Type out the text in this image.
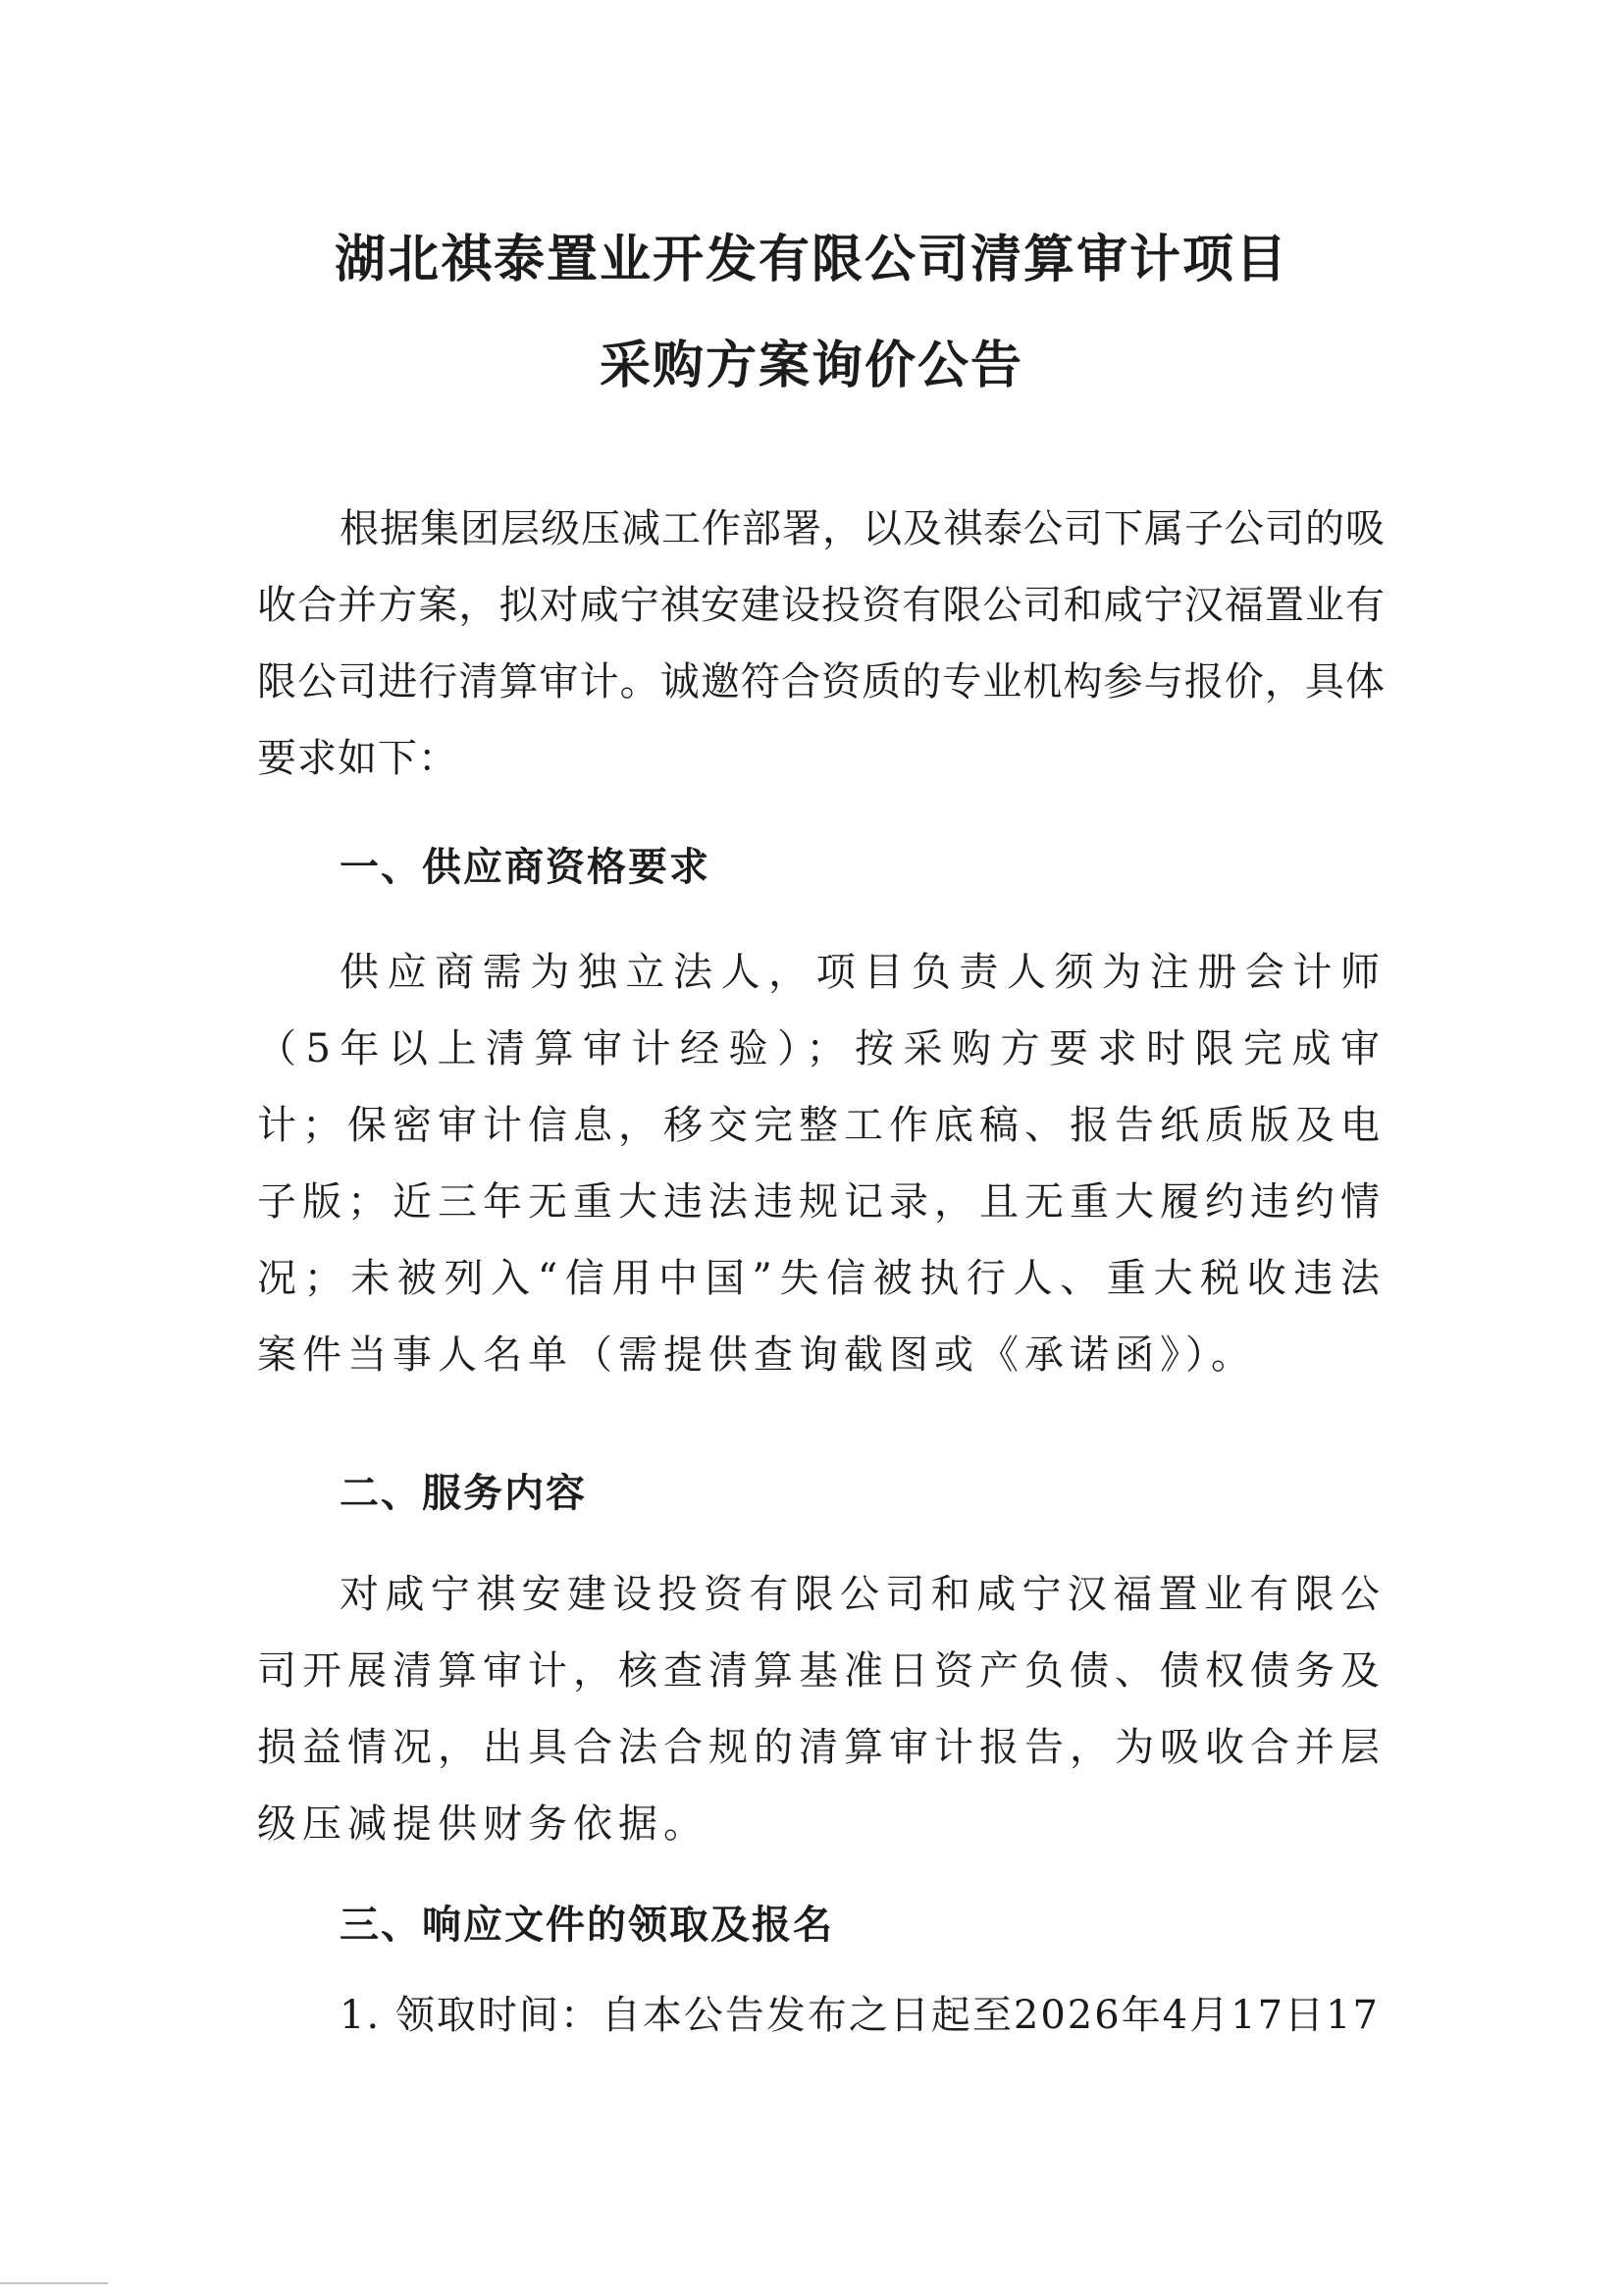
湖北祺泰置业开发有限公司清算审计项目
采购方案询价公告
根据集团层级压减工作部署，以及祺泰公司下属子公司的吸收合并方案，拟对咸宁祺安建设投资有限公司和咸宁汉福置业有限公司进行清算审计。诚邀符合资质的专业机构参与报价，具体要求如下：
一、供应商资格要求
供应商需为独立法人，项目负责人须为注册会计师（5年以上清算审计经验）；按采购方要求时限完成审计；保密审计信息，移交完整工作底稿、报告纸质版及电子版；近三年无重大违法违规记录，且无重大履约违约情况；未被列入“信用中国”失信被执行人、重大税收违法案件当事人名单（需提供查询截图或《承诺函》）。
二、服务内容
对咸宁祺安建设投资有限公司和咸宁汉福置业有限公司开展清算审计，核查清算基准日资产负债、债权债务及损益情况，出具合法合规的清算审计报告，为吸收合并层级压减提供财务依据。
三、响应文件的领取及报名
1. 领取时间：自本公告发布之日起至2026年4月17日17
